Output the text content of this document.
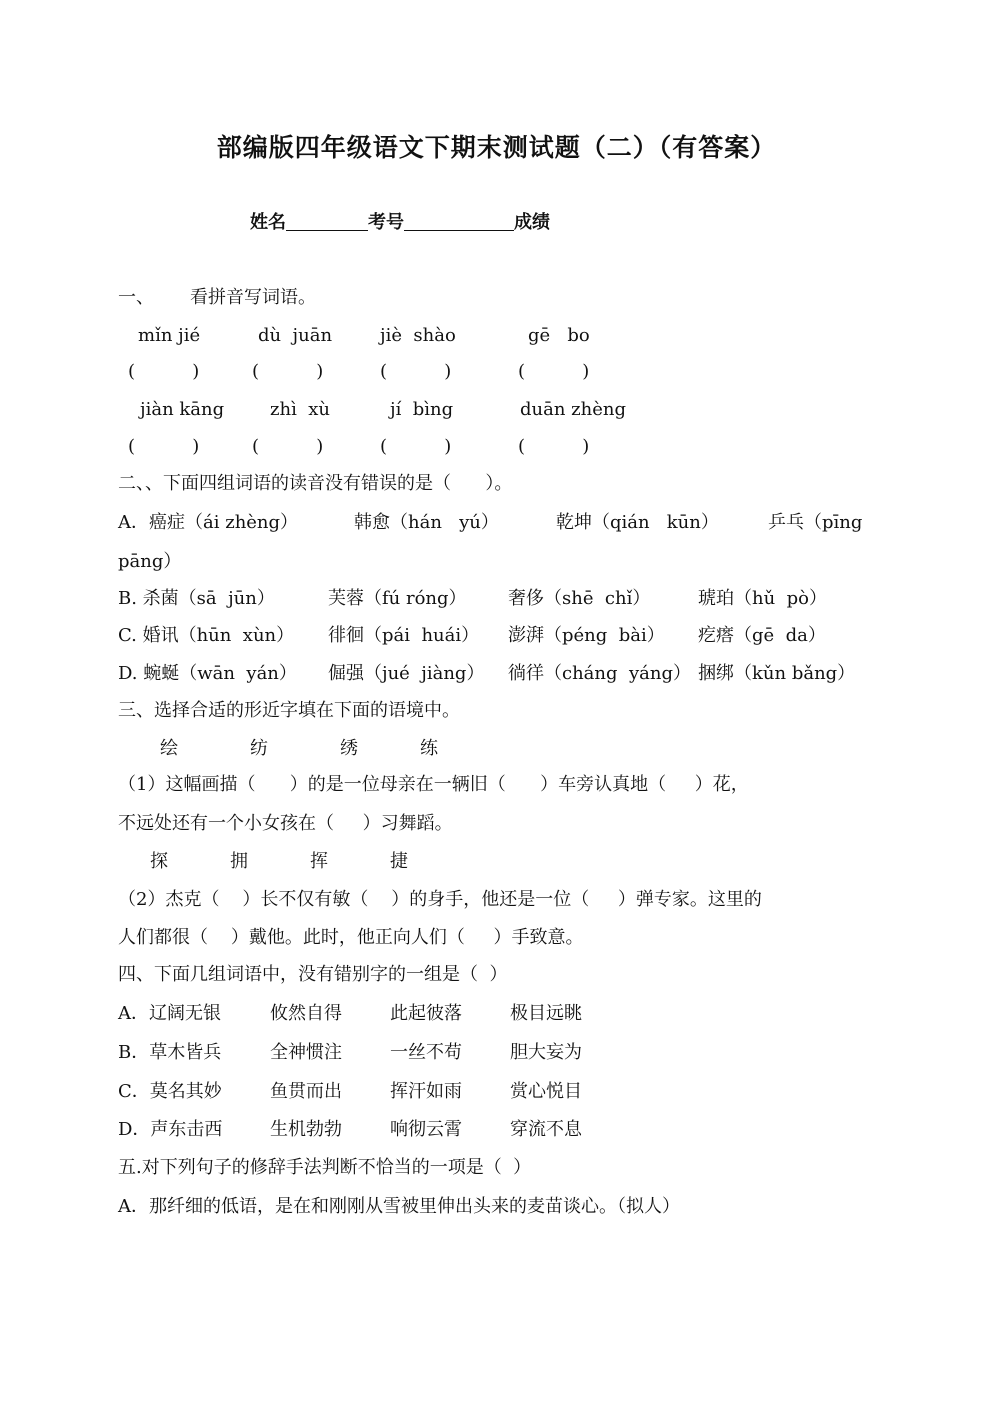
部编版四年级语文下期末测试题（二）（有答案）
姓名	考号	成绩
一、 看拼音写词语。
mǐn jié	dù  juān	jiè  shào	gē   bo
(          )	(          )	(          )	(          )
jiàn kāng	zhì  xù	jí  bìng	duān zhèng
(          )	(          )	(          )	(          )
二、、下面四组词语的读音没有错误的是（      ）。
A．癌症（ái zhèng）	韩愈（hán   yú）	乾坤（qián   kūn）	乒乓（pīng
pāng）
B. 杀菌（sā  jūn）	芙蓉（fú róng） 奢侈（shē  chǐ）	琥珀（hǔ  pò）
C. 婚讯（hūn  xùn） 徘徊（pái  huái） 澎湃（péng  bài） 疙瘩（gē  da）
D. 蜿蜒（wān  yán） 倔强（jué  jiàng） 徜徉（cháng  yáng） 捆绑（kǔn bǎng）
三、选择合适的形近字填在下面的语境中。
绘	纺	绣	练
（1）这幅画描（      ）的是一位母亲在一辆旧（      ）车旁认真地（     ）花，
不远处还有一个小女孩在（     ）习舞蹈。
探	拥	挥	捷
（2）杰克（    ）长不仅有敏（    ）的身手，他还是一位（     ）弹专家。这里的
人们都很（    ）戴他。此时，他正向人们（     ）手致意。
四、下面几组词语中，没有错别字的一组是（  ）
A．辽阔无银	攸然自得	此起彼落	极目远眺
B．草木皆兵	全神惯注	一丝不苟	胆大妄为
C．莫名其妙	鱼贯而出	挥汗如雨	赏心悦目
D．声东击西	生机勃勃	响彻云霄	穿流不息
五.对下列句子的修辞手法判断不恰当的一项是（  ）
A．那纤细的低语，是在和刚刚从雪被里伸出头来的麦苗谈心。（拟人）
